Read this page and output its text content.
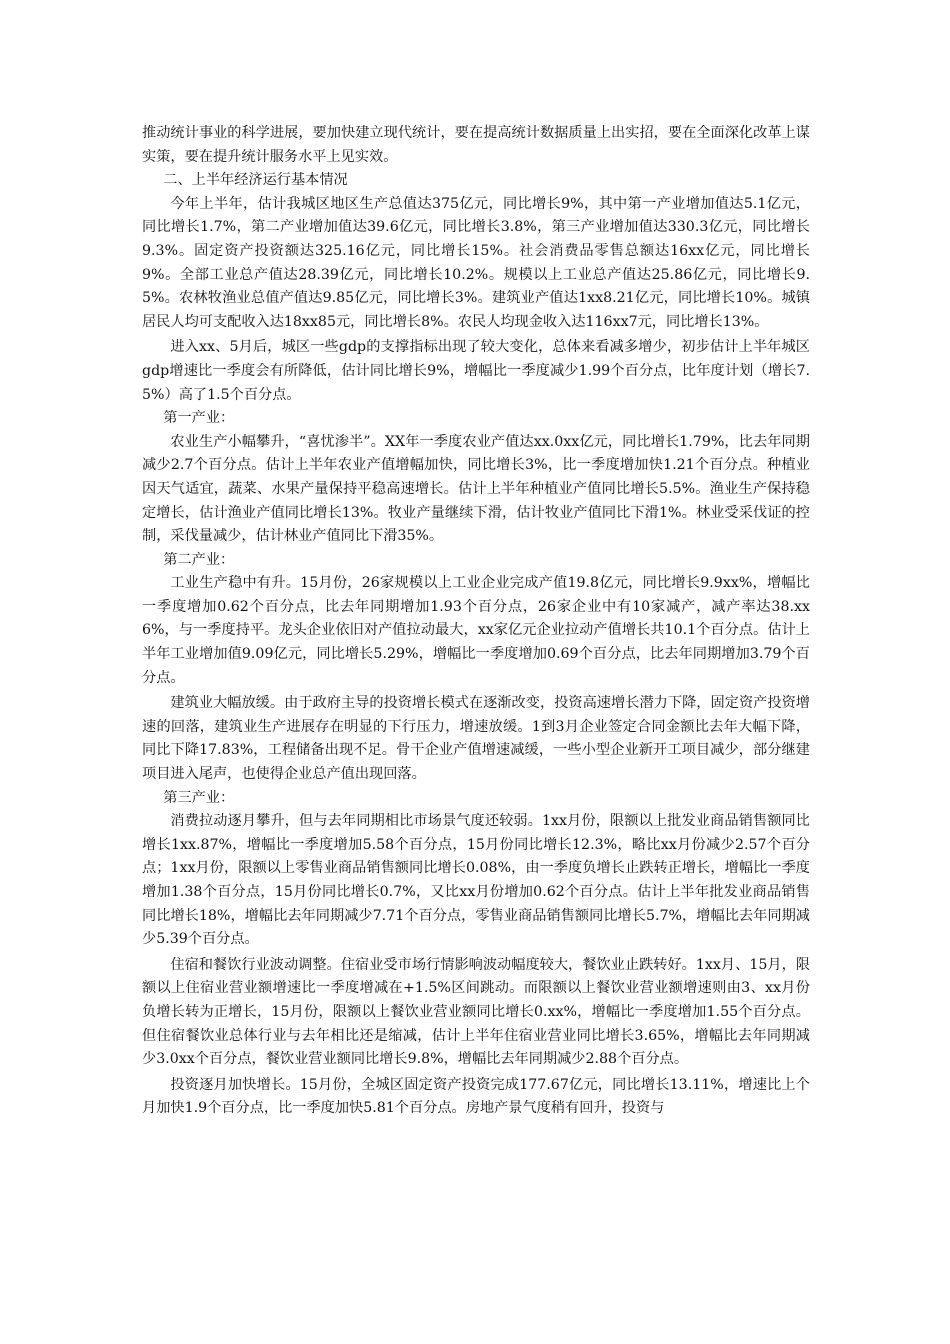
推动统计事业的科学进展，要加快建立现代统计，要在提高统计数据质量上出实招，要在全面深化改革上谋实策，要在提升统计服务水平上见实效。

二、上半年经济运行基本情况

今年上半年，估计我城区地区生产总值达375亿元，同比增长9%，其中第一产业增加值达5.1亿元，同比增长1.7%，第二产业增加值达39.6亿元，同比增长3.8%，第三产业增加值达330.3亿元，同比增长9.3%。固定资产投资额达325.16亿元，同比增长15%。社会消费品零售总额达16xx亿元，同比增长9%。全部工业总产值达28.39亿元，同比增长10.2%。规模以上工业总产值达25.86亿元，同比增长9.5%。农林牧渔业总值产值达9.85亿元，同比增长3%。建筑业产值达1xx8.21亿元，同比增长10%。城镇居民人均可支配收入达18xx85元，同比增长8%。农民人均现金收入达116xx7元，同比增长13%。

进入xx、5月后，城区一些gdp的支撑指标出现了较大变化，总体来看减多增少，初步估计上半年城区gdp增速比一季度会有所降低，估计同比增长9%，增幅比一季度减少1.99个百分点，比年度计划（增长7.5%）高了1.5个百分点。

第一产业：

农业生产小幅攀升，“喜忧渗半”。XX年一季度农业产值达xx.0xx亿元，同比增长1.79%，比去年同期减少2.7个百分点。估计上半年农业产值增幅加快，同比增长3%，比一季度增加快1.21个百分点。种植业因天气适宜，蔬菜、水果产量保持平稳高速增长。估计上半年种植业产值同比增长5.5%。渔业生产保持稳定增长，估计渔业产值同比增长13%。牧业产量继续下滑，估计牧业产值同比下滑1%。林业受采伐证的控制，采伐量减少，估计林业产值同比下滑35%。

第二产业：

工业生产稳中有升。15月份，26家规模以上工业企业完成产值19.8亿元，同比增长9.9xx%，增幅比一季度增加0.62个百分点，比去年同期增加1.93个百分点，26家企业中有10家减产，减产率达38.xx6%，与一季度持平。龙头企业依旧对产值拉动最大，xx家亿元企业拉动产值增长共10.1个百分点。估计上半年工业增加值9.09亿元，同比增长5.29%，增幅比一季度增加0.69个百分点，比去年同期增加3.79个百分点。

建筑业大幅放缓。由于政府主导的投资增长模式在逐渐改变，投资高速增长潜力下降，固定资产投资增速的回落，建筑业生产进展存在明显的下行压力，增速放缓。1到3月企业签定合同金额比去年大幅下降，同比下降17.83%，工程储备出现不足。骨干企业产值增速减缓，一些小型企业新开工项目减少，部分继建项目进入尾声，也使得企业总产值出现回落。

第三产业：

消费拉动逐月攀升，但与去年同期相比市场景气度还较弱。1xx月份，限额以上批发业商品销售额同比增长1xx.87%，增幅比一季度增加5.58个百分点，15月份同比增长12.3%，略比xx月份减少2.57个百分点；1xx月份，限额以上零售业商品销售额同比增长0.08%，由一季度负增长止跌转正增长，增幅比一季度增加1.38个百分点，15月份同比增长0.7%，又比xx月份增加0.62个百分点。估计上半年批发业商品销售同比增长18%，增幅比去年同期减少7.71个百分点，零售业商品销售额同比增长5.7%，增幅比去年同期减少5.39个百分点。

住宿和餐饮行业波动调整。住宿业受市场行情影响波动幅度较大，餐饮业止跌转好。1xx月、15月，限额以上住宿业营业额增速比一季度增减在+1.5%区间跳动。而限额以上餐饮业营业额增速则由3、xx月份负增长转为正增长，15月份，限额以上餐饮业营业额同比增长0.xx%，增幅比一季度增加1.55个百分点。但住宿餐饮业总体行业与去年相比还是缩减，估计上半年住宿业营业同比增长3.65%，增幅比去年同期减少3.0xx个百分点，餐饮业营业额同比增长9.8%，增幅比去年同期减少2.88个百分点。

投资逐月加快增长。15月份，全城区固定资产投资完成177.67亿元，同比增长13.11%，增速比上个月加快1.9个百分点，比一季度加快5.81个百分点。房地产景气度稍有回升，投资与
